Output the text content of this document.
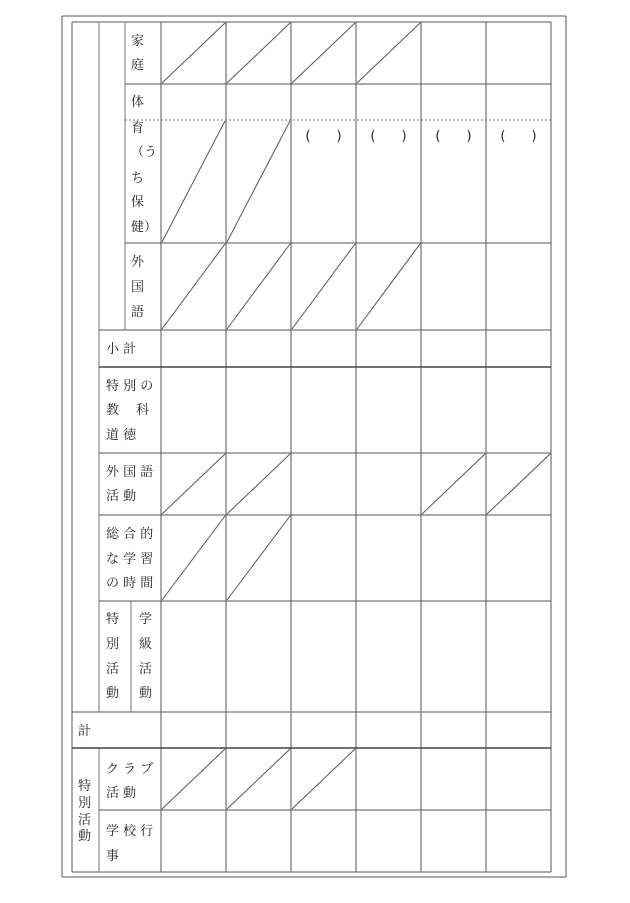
家
庭
体
育
（う
ち
保
健）
外
国
語
小 計
特 別 の
教　 科
道 徳
外 国 語
活 動
総 合 的
な 学 習
の 時 間
特 学
別 級
活 活
動 動
計
特
別
活
動
ク ラ ブ
活 動
学 校 行
事
(　　) (　　) (　　) (　　)
